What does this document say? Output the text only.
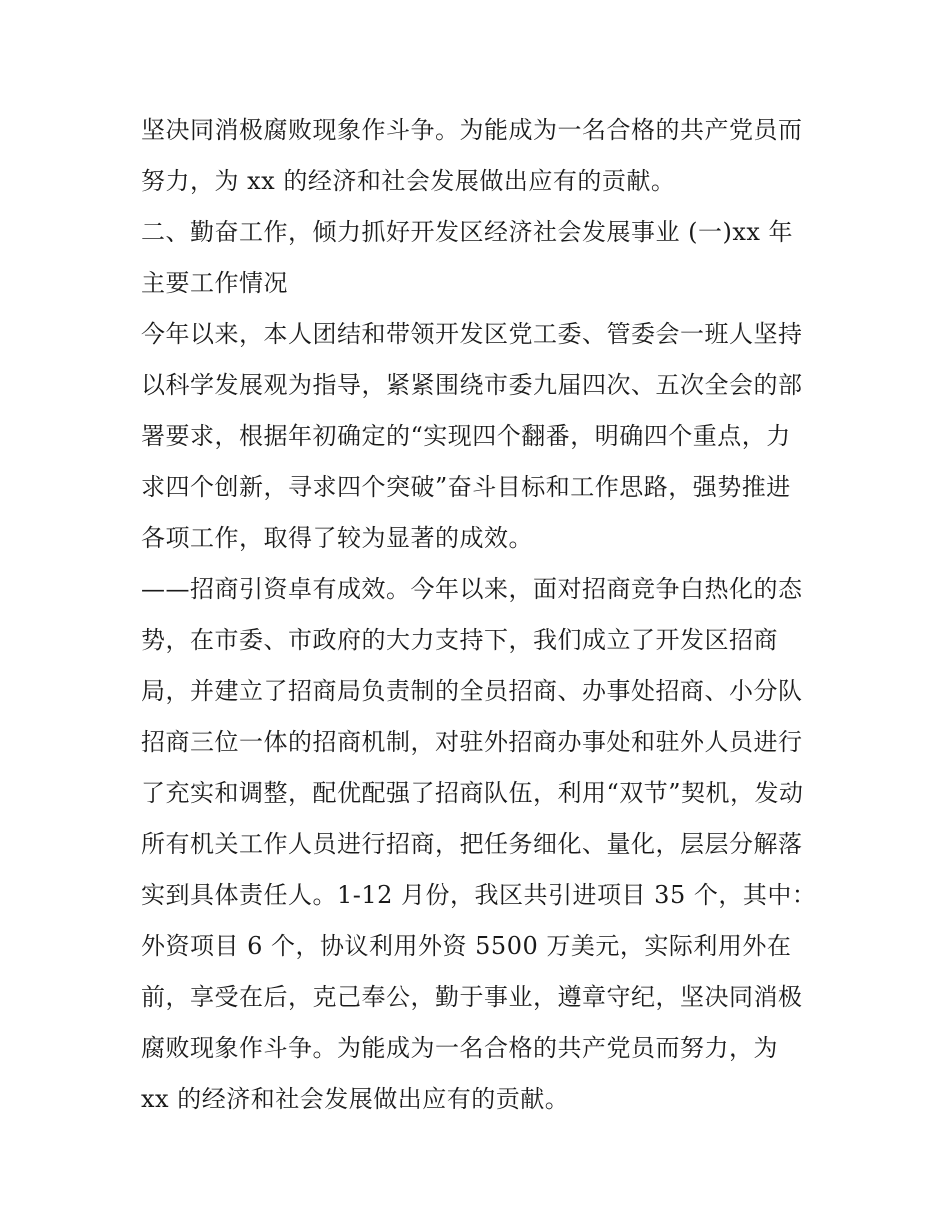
坚决同消极腐败现象作斗争。为能成为一名合格的共产党员而
努力，为 xx 的经济和社会发展做出应有的贡献。
二、勤奋工作，倾力抓好开发区经济社会发展事业 (一)xx 年
主要工作情况
今年以来，本人团结和带领开发区党工委、管委会一班人坚持
以科学发展观为指导，紧紧围绕市委九届四次、五次全会的部
署要求，根据年初确定的“实现四个翻番，明确四个重点，力
求四个创新，寻求四个突破”奋斗目标和工作思路，强势推进
各项工作，取得了较为显著的成效。
——招商引资卓有成效。今年以来，面对招商竞争白热化的态
势，在市委、市政府的大力支持下，我们成立了开发区招商
局，并建立了招商局负责制的全员招商、办事处招商、小分队
招商三位一体的招商机制，对驻外招商办事处和驻外人员进行
了充实和调整，配优配强了招商队伍，利用“双节”契机，发动
所有机关工作人员进行招商，把任务细化、量化，层层分解落
实到具体责任人。1-12 月份，我区共引进项目 35 个，其中：
外资项目 6 个，协议利用外资 5500 万美元，实际利用外在
前，享受在后，克己奉公，勤于事业，遵章守纪，坚决同消极
腐败现象作斗争。为能成为一名合格的共产党员而努力，为
xx 的经济和社会发展做出应有的贡献。
